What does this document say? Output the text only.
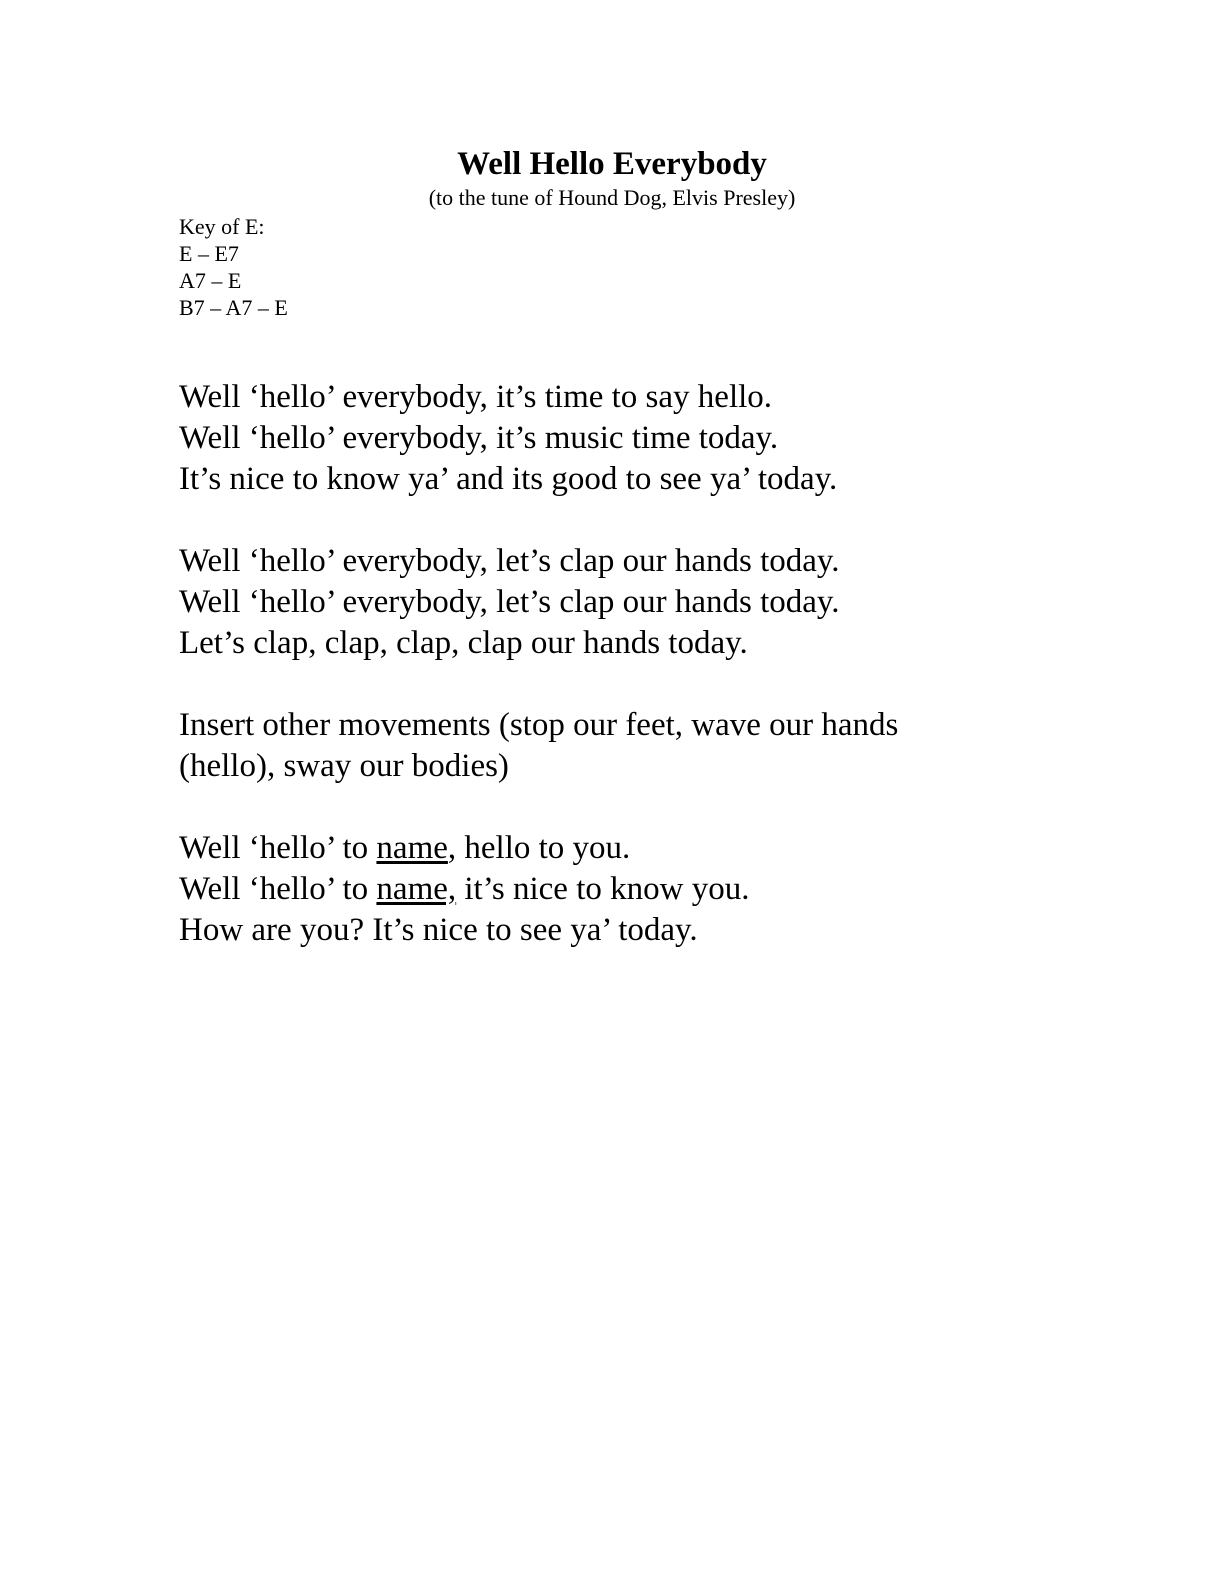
Well Hello Everybody
(to the tune of Hound Dog, Elvis Presley)
Key of E:
E – E7
A7 – E
B7 – A7 – E
Well ‘hello’ everybody, it’s time to say hello.
Well ‘hello’ everybody, it’s music time today.
It’s nice to know ya’ and its good to see ya’ today.
Well ‘hello’ everybody, let’s clap our hands today.
Well ‘hello’ everybody, let’s clap our hands today.
Let’s clap, clap, clap, clap our hands today.
Insert other movements (stop our feet, wave our hands
(hello), sway our bodies)
Well ‘hello’ to name, hello to you.
Well ‘hello’ to name, it’s nice to know you.
How are you? It’s nice to see ya’ today.
